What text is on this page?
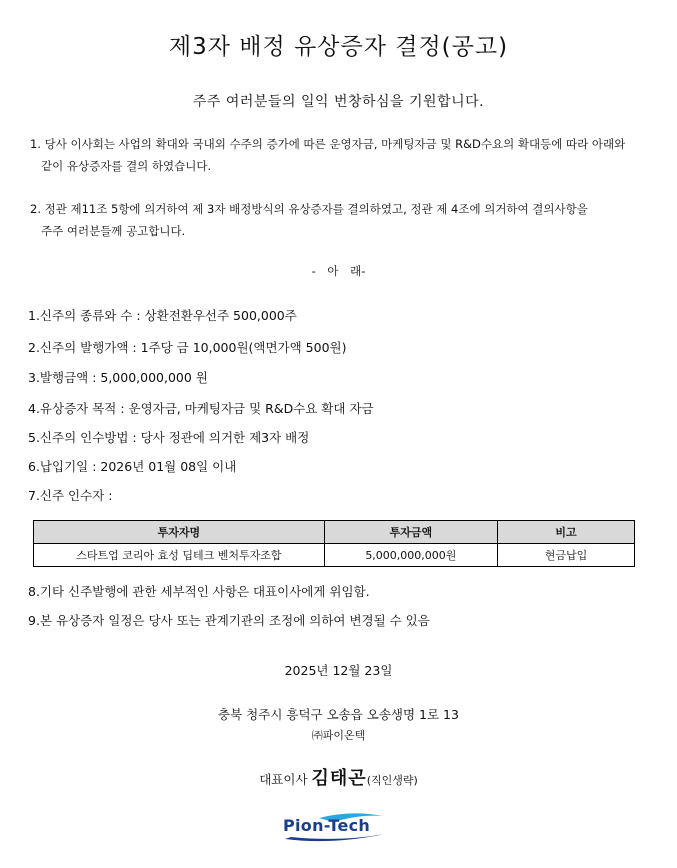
제3자 배정 유상증자 결정(공고)
주주 여러분들의 일익 번창하심을 기원합니다.
1. 당사 이사회는 사업의 확대와 국내외 수주의 증가에 따른 운영자금, 마케팅자금 및 R&D수요의 확대등에 따라 아래와
같이 유상증자를 결의 하였습니다.
2. 정관 제11조 5항에 의거하여 제 3자 배정방식의 유상증자를 결의하였고, 정관 제 4조에 의거하여 결의사항을
주주 여러분들께 공고합니다.
- 아 래-
1.신주의 종류와 수 : 상환전환우선주 500,000주
2.신주의 발행가액 : 1주당 금 10,000원(액면가액 500원)
3.발행금액 : 5,000,000,000 원
4.유상증자 목적 : 운영자금, 마케팅자금 및 R&D수요 확대 자금
5.신주의 인수방법 : 당사 정관에 의거한 제3자 배정
6.납입기일 : 2026년 01월 08일 이내
7.신주 인수자 :
투자자명	투자금액	비고
스타트업 코리아 효성 딥테크 벤처투자조합	5,000,000,000원	현금납입
8.기타 신주발행에 관한 세부적인 사항은 대표이사에게 위임함.
9.본 유상증자 일정은 당사 또는 관계기관의 조정에 의하여 변경될 수 있음
2025년 12월 23일
충북 청주시 흥덕구 오송읍 오송생명 1로 13
㈜파이온텍
대표이사 김태곤(직인생략)
Pion-Tech
